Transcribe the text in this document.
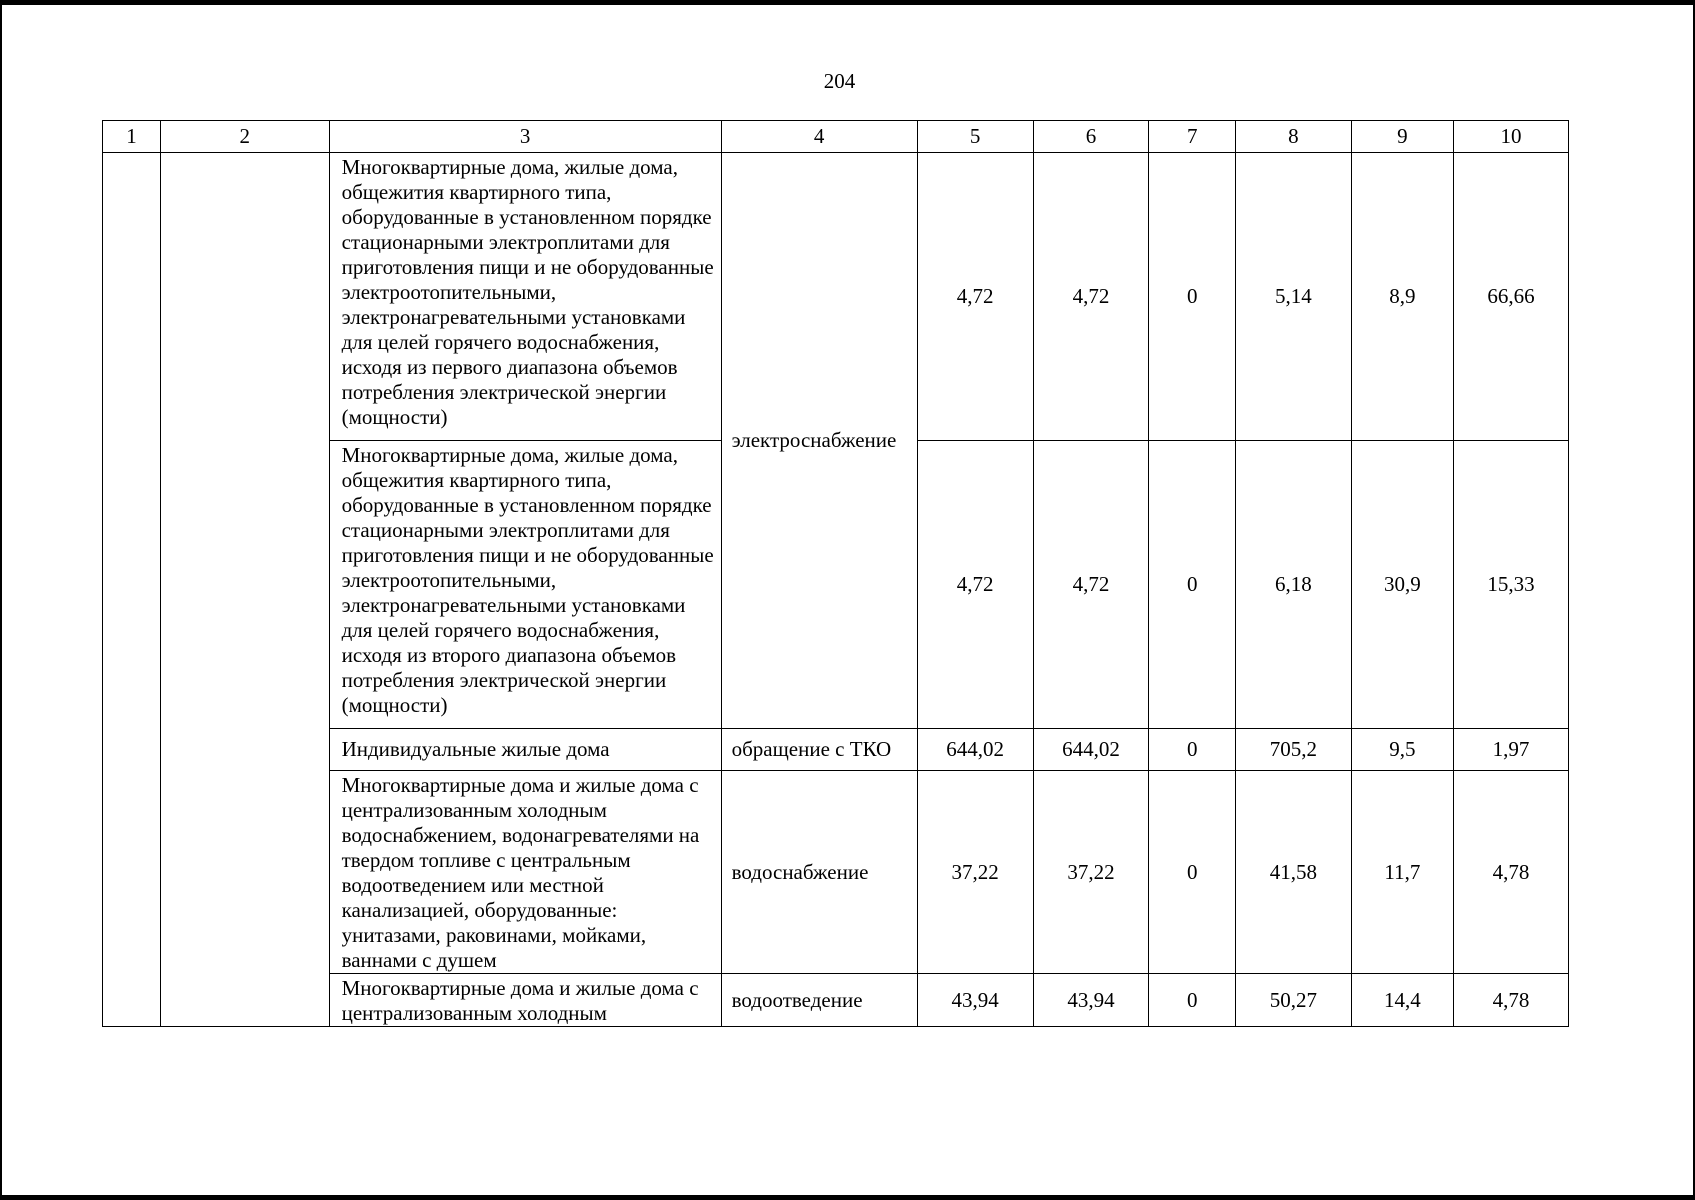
204
1	2	3	4	5	6	7	8	9	10
		Многоквартирные дома, жилые дома, общежития квартирного типа, оборудованные в установленном порядке стационарными электроплитами для приготовления пищи и не оборудованные электроотопительными, электронагревательными установками для целей горячего водоснабжения, исходя из первого диапазона объемов потребления электрической энергии (мощности)	электроснабжение	4,72	4,72	0	5,14	8,9	66,66
		Многоквартирные дома, жилые дома, общежития квартирного типа, оборудованные в установленном порядке стационарными электроплитами для приготовления пищи и не оборудованные электроотопительными, электронагревательными установками для целей горячего водоснабжения, исходя из второго диапазона объемов потребления электрической энергии (мощности)		4,72	4,72	0	6,18	30,9	15,33
		Индивидуальные жилые дома	обращение с ТКО	644,02	644,02	0	705,2	9,5	1,97
		Многоквартирные дома и жилые дома с централизованным холодным водоснабжением, водонагревателями на твердом топливе с центральным водоотведением или местной канализацией, оборудованные: унитазами, раковинами, мойками, ваннами с душем	водоснабжение	37,22	37,22	0	41,58	11,7	4,78
		Многоквартирные дома и жилые дома с централизованным холодным	водоотведение	43,94	43,94	0	50,27	14,4	4,78
